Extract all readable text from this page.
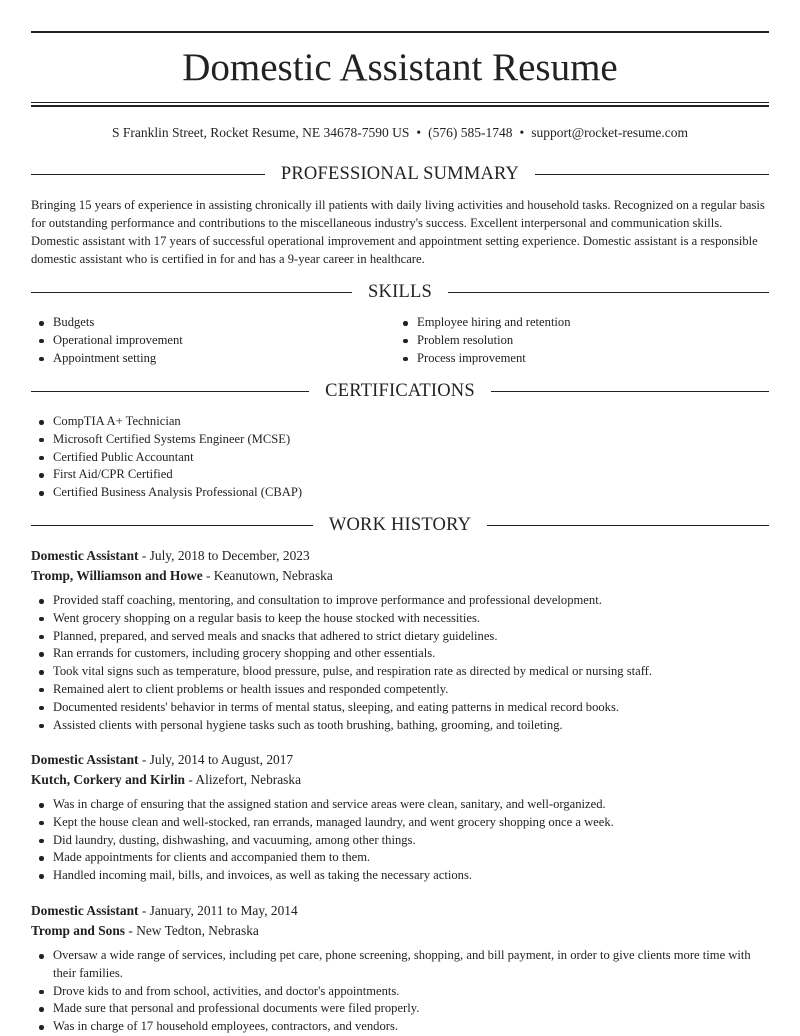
Domestic Assistant Resume
S Franklin Street, Rocket Resume, NE 34678-7590 US • (576) 585-1748 • support@rocket-resume.com
PROFESSIONAL SUMMARY

Bringing 15 years of experience in assisting chronically ill patients with daily living activities and household tasks. Recognized on a regular basis for outstanding performance and contributions to the miscellaneous industry's success. Excellent interpersonal and communication skills. Domestic assistant with 17 years of successful operational improvement and appointment setting experience. Domestic assistant is a responsible domestic assistant who is certified in for and has a 9-year career in healthcare.

SKILLS
Budgets
Operational improvement
Appointment setting
Employee hiring and retention
Problem resolution
Process improvement
CERTIFICATIONS
CompTIA A+ Technician
Microsoft Certified Systems Engineer (MCSE)
Certified Public Accountant
First Aid/CPR Certified
Certified Business Analysis Professional (CBAP)
WORK HISTORY
Domestic Assistant - July, 2018 to December, 2023
Tromp, Williamson and Howe - Keanutown, Nebraska
Provided staff coaching, mentoring, and consultation to improve performance and professional development.
Went grocery shopping on a regular basis to keep the house stocked with necessities.
Planned, prepared, and served meals and snacks that adhered to strict dietary guidelines.
Ran errands for customers, including grocery shopping and other essentials.
Took vital signs such as temperature, blood pressure, pulse, and respiration rate as directed by medical or nursing staff.
Remained alert to client problems or health issues and responded competently.
Documented residents' behavior in terms of mental status, sleeping, and eating patterns in medical record books.
Assisted clients with personal hygiene tasks such as tooth brushing, bathing, grooming, and toileting.
Domestic Assistant - July, 2014 to August, 2017
Kutch, Corkery and Kirlin - Alizefort, Nebraska
Was in charge of ensuring that the assigned station and service areas were clean, sanitary, and well-organized.
Kept the house clean and well-stocked, ran errands, managed laundry, and went grocery shopping once a week.
Did laundry, dusting, dishwashing, and vacuuming, among other things.
Made appointments for clients and accompanied them to them.
Handled incoming mail, bills, and invoices, as well as taking the necessary actions.
Domestic Assistant - January, 2011 to May, 2014
Tromp and Sons - New Tedton, Nebraska
Oversaw a wide range of services, including pet care, phone screening, shopping, and bill payment, in order to give clients more time with their families.
Drove kids to and from school, activities, and doctor's appointments.
Made sure that personal and professional documents were filed properly.
Was in charge of 17 household employees, contractors, and vendors.
